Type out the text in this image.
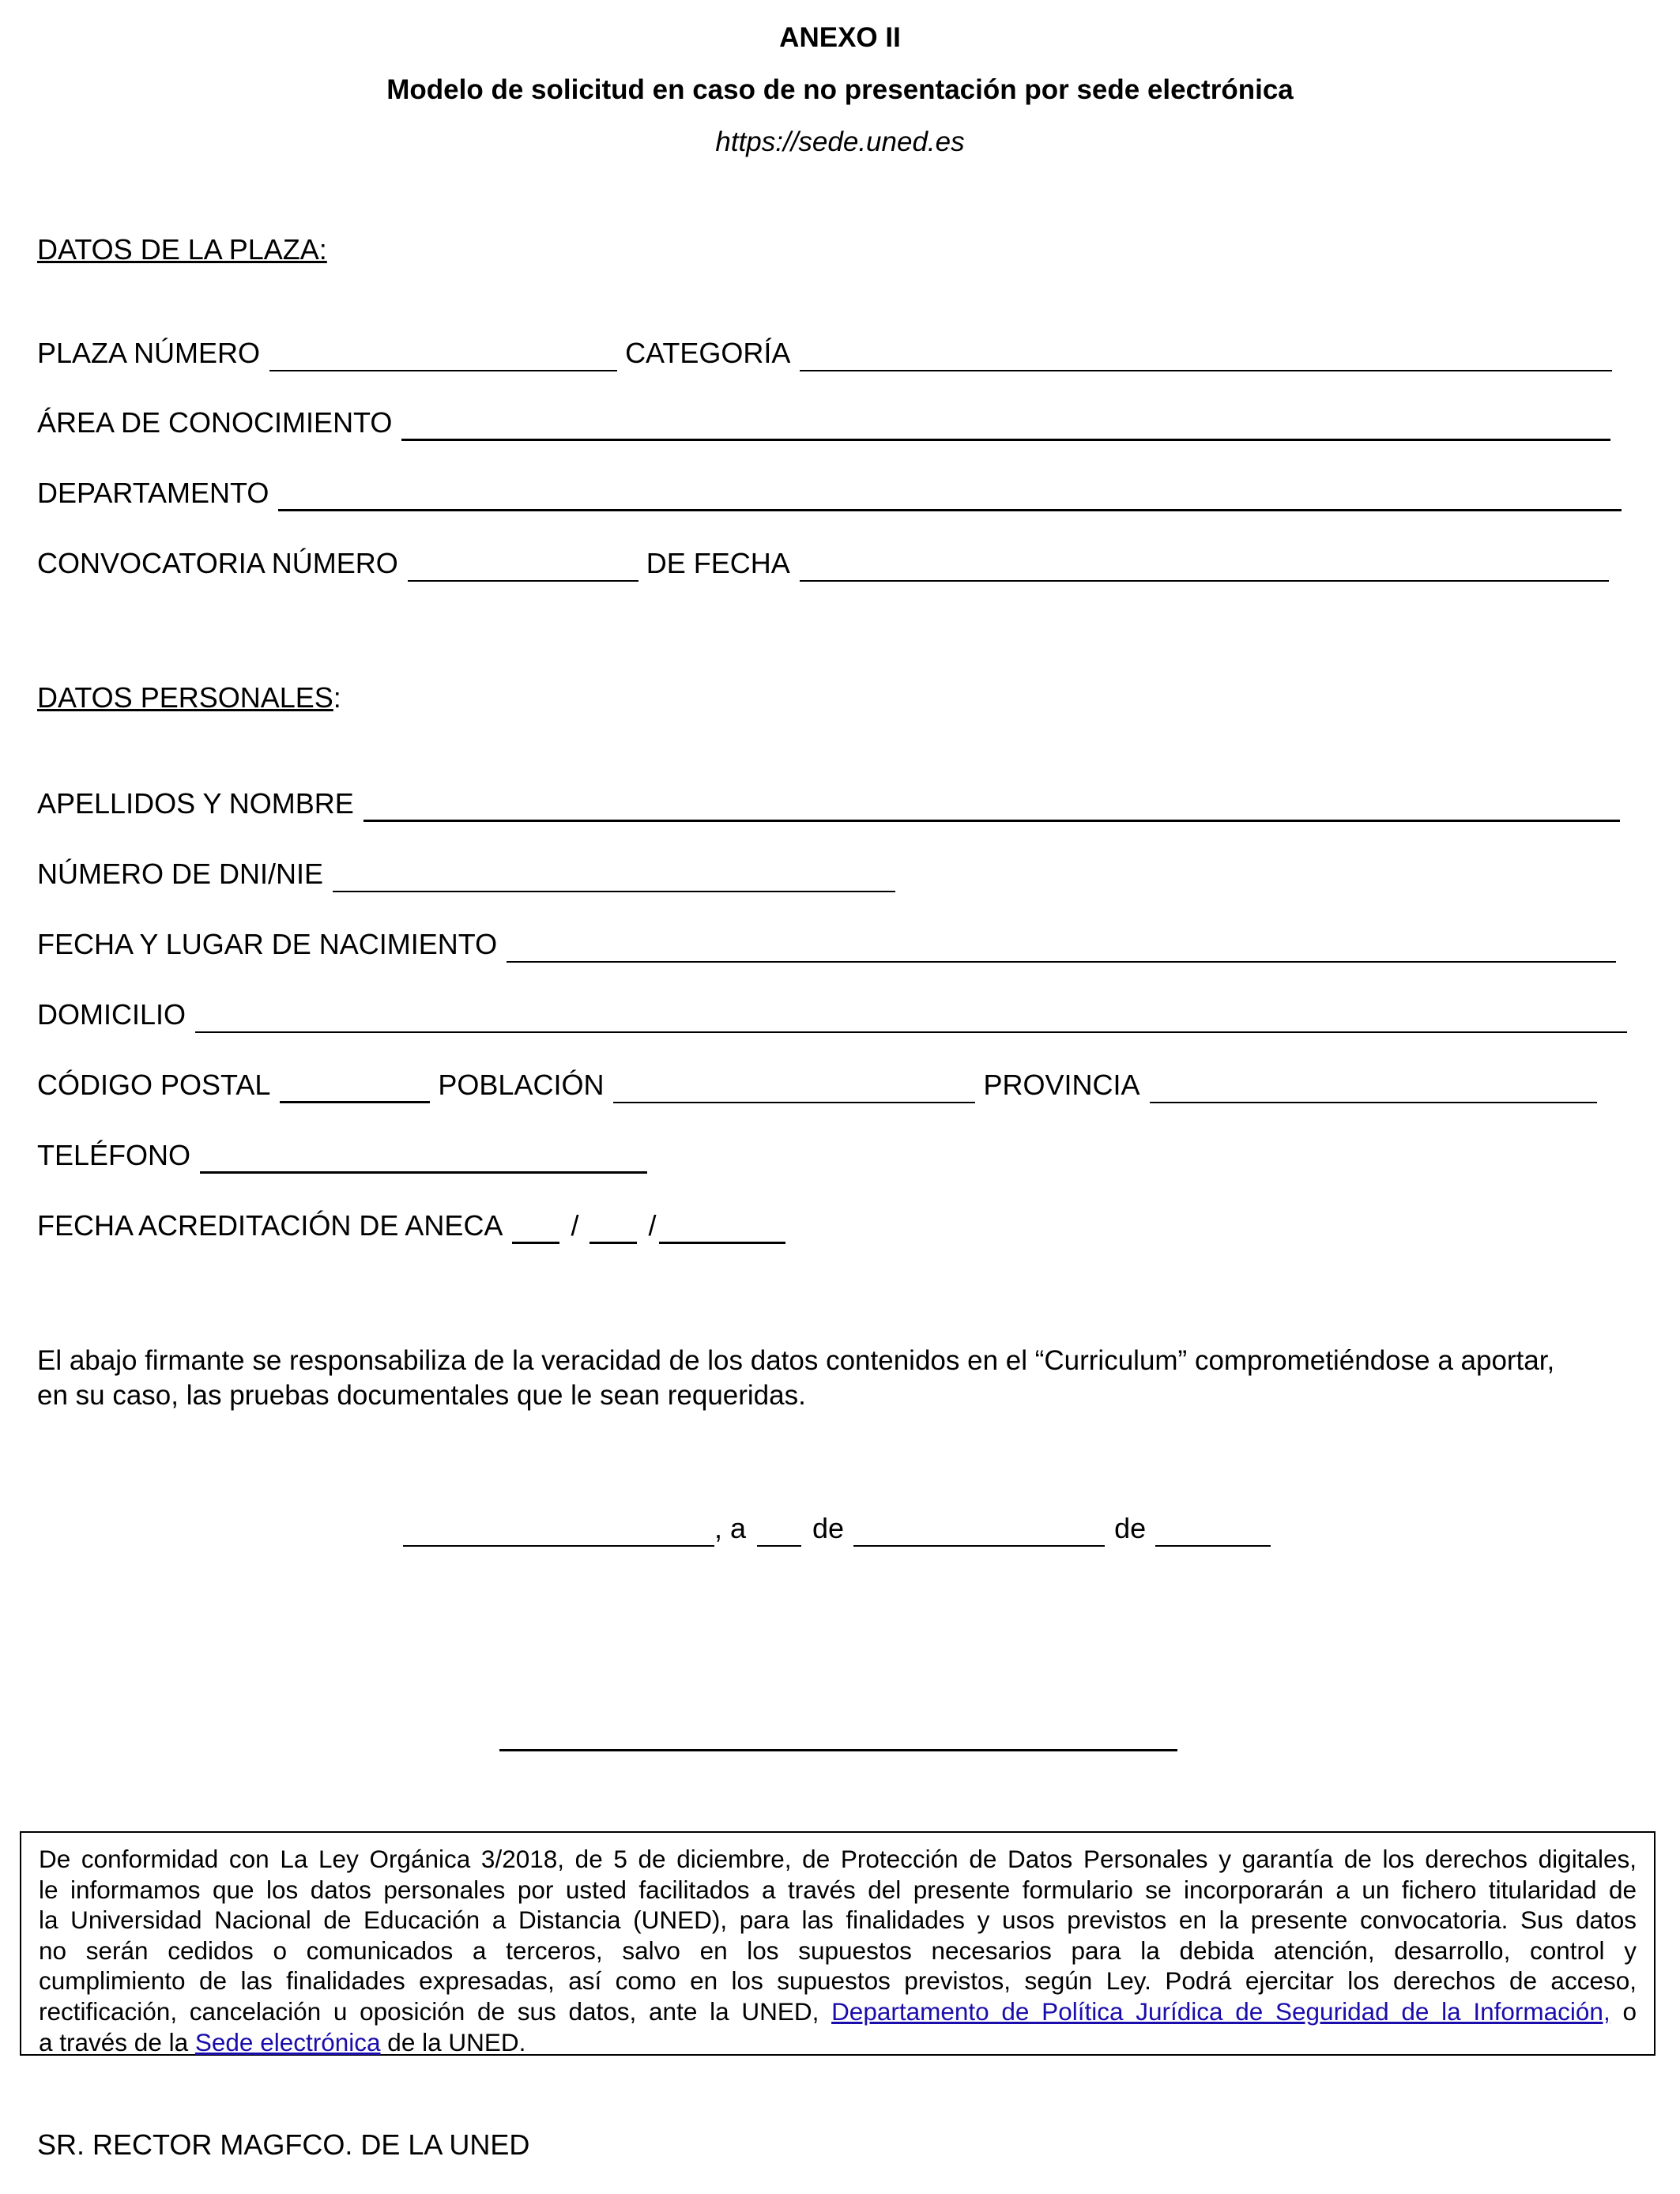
ANEXO II
Modelo de solicitud en caso de no presentación por sede electrónica
https://sede.uned.es
DATOS DE LA PLAZA:
PLAZA NÚMERO	CATEGORÍA
ÁREA DE CONOCIMIENTO
DEPARTAMENTO
CONVOCATORIA NÚMERO	DE FECHA
DATOS PERSONALES:
APELLIDOS Y NOMBRE
NÚMERO DE DNI/NIE
FECHA Y LUGAR DE NACIMIENTO
DOMICILIO
CÓDIGO POSTAL	POBLACIÓN	PROVINCIA
TELÉFONO
FECHA ACREDITACIÓN DE ANECA / /
El abajo firmante se responsabiliza de la veracidad de los datos contenidos en el “Curriculum” comprometiéndose a aportar,
en su caso, las pruebas documentales que le sean requeridas.
, a de	de
De conformidad con La Ley Orgánica 3/2018, de 5 de diciembre, de Protección de Datos Personales y garantía de los derechos digitales,
le informamos que los datos personales por usted facilitados a través del presente formulario se incorporarán a un fichero titularidad de
la Universidad Nacional de Educación a Distancia (UNED), para las finalidades y usos previstos en la presente convocatoria. Sus datos
no serán cedidos o comunicados a terceros, salvo en los supuestos necesarios para la debida atención, desarrollo, control y
cumplimiento de las finalidades expresadas, así como en los supuestos previstos, según Ley. Podrá ejercitar los derechos de acceso,
rectificación, cancelación u oposición de sus datos, ante la UNED, Departamento de Política Jurídica de Seguridad de la Información, o
a través de la Sede electrónica de la UNED.
SR. RECTOR MAGFCO. DE LA UNED
